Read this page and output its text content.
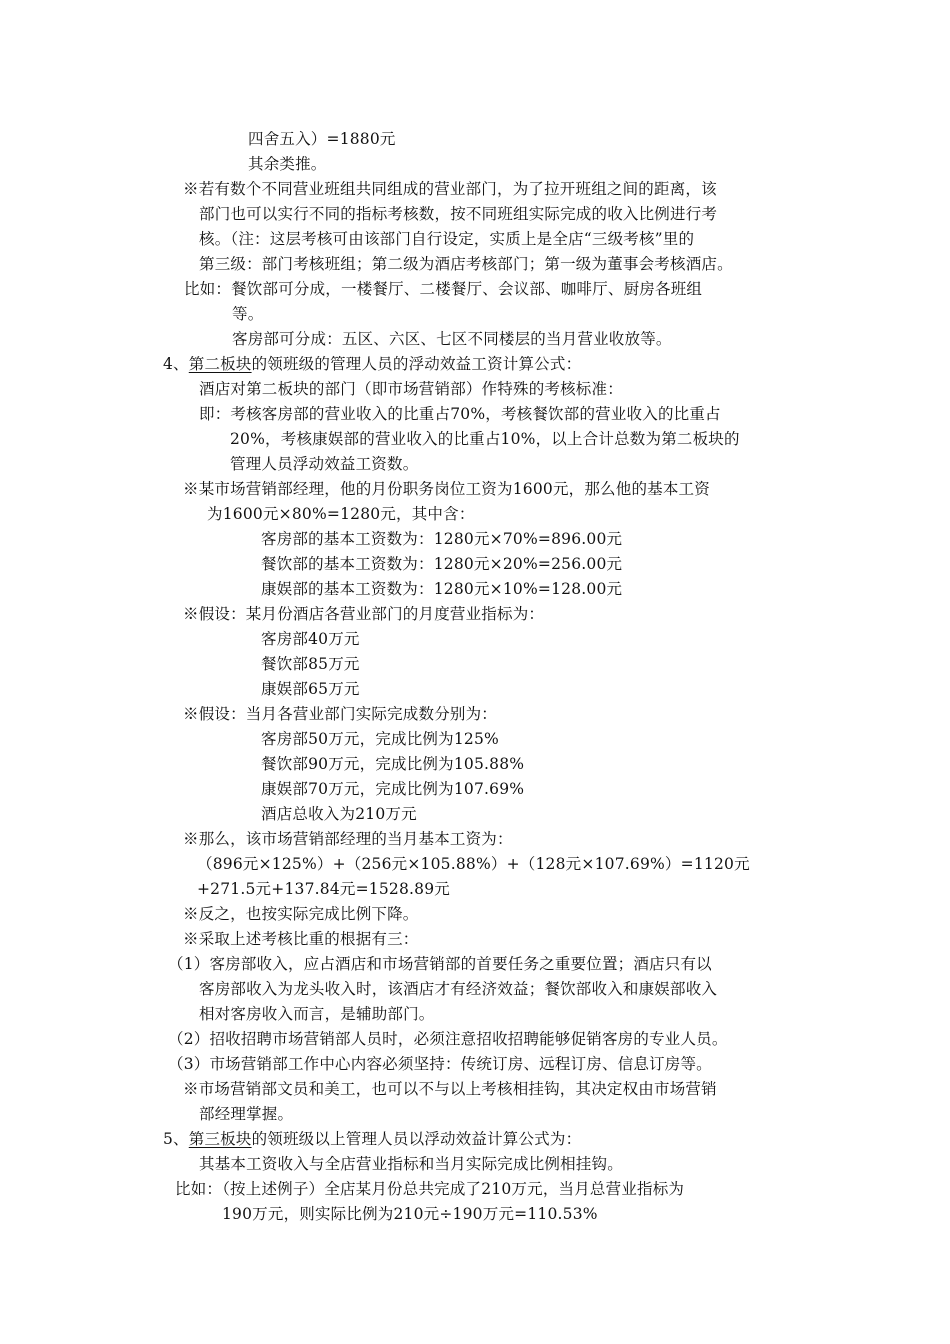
四舍五入）=1880元
其余类推。
※若有数个不同营业班组共同组成的营业部门，为了拉开班组之间的距离，该
部门也可以实行不同的指标考核数，按不同班组实际完成的收入比例进行考
核。（注：这层考核可由该部门自行设定，实质上是全店“三级考核”里的
第三级：部门考核班组；第二级为酒店考核部门；第一级为董事会考核酒店。
比如：餐饮部可分成，一楼餐厅、二楼餐厅、会议部、咖啡厅、厨房各班组
等。
客房部可分成：五区、六区、七区不同楼层的当月营业收放等。
4、第二板块的领班级的管理人员的浮动效益工资计算公式：
酒店对第二板块的部门（即市场营销部）作特殊的考核标准：
即：考核客房部的营业收入的比重占70%，考核餐饮部的营业收入的比重占
20%，考核康娱部的营业收入的比重占10%，以上合计总数为第二板块的
管理人员浮动效益工资数。
※某市场营销部经理，他的月份职务岗位工资为1600元，那么他的基本工资
为1600元×80%=1280元，其中含：
客房部的基本工资数为：1280元×70%=896.00元
餐饮部的基本工资数为：1280元×20%=256.00元
康娱部的基本工资数为：1280元×10%=128.00元
※假设：某月份酒店各营业部门的月度营业指标为：
客房部40万元
餐饮部85万元
康娱部65万元
※假设：当月各营业部门实际完成数分别为：
客房部50万元，完成比例为125%
餐饮部90万元，完成比例为105.88%
康娱部70万元，完成比例为107.69%
酒店总收入为210万元
※那么，该市场营销部经理的当月基本工资为：
（896元×125%）+（256元×105.88%）+（128元×107.69%）=1120元
+271.5元+137.84元=1528.89元
※反之，也按实际完成比例下降。
※采取上述考核比重的根据有三：
（1）客房部收入，应占酒店和市场营销部的首要任务之重要位置；酒店只有以
客房部收入为龙头收入时，该酒店才有经济效益；餐饮部收入和康娱部收入
相对客房收入而言，是辅助部门。
（2）招收招聘市场营销部人员时，必须注意招收招聘能够促销客房的专业人员。
（3）市场营销部工作中心内容必须坚持：传统订房、远程订房、信息订房等。
※市场营销部文员和美工，也可以不与以上考核相挂钩，其决定权由市场营销
部经理掌握。
5、第三板块的领班级以上管理人员以浮动效益计算公式为：
其基本工资收入与全店营业指标和当月实际完成比例相挂钩。
比如：（按上述例子）全店某月份总共完成了210万元，当月总营业指标为
190万元，则实际比例为210元÷190万元=110.53%
